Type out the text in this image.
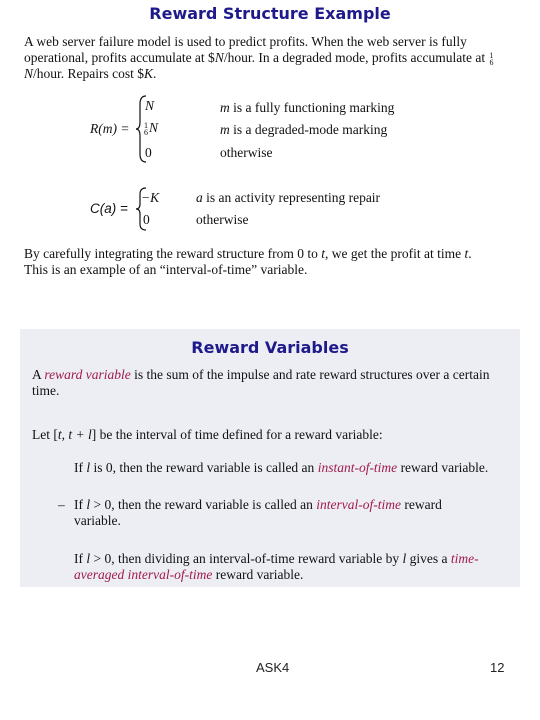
Reward Structure Example
A web server failure model is used to predict profits. When the web server is fully operational, profits accumulate at $N/hour. In a degraded mode, profits accumulate at 1
6
N/hour. Repairs cost $K.
R(m) =
N	m is a fully functioning marking
1
6 N	m is a degraded-mode marking
0	otherwise
C(a) =
−K	a is an activity representing repair
0	otherwise
By carefully integrating the reward structure from 0 to t, we get the profit at time t.
This is an example of an “interval-of-time” variable.
Reward Variables
A reward variable is the sum of the impulse and rate reward structures over a certain time.
Let [t, t + l] be the interval of time defined for a reward variable:
If l is 0, then the reward variable is called an instant-of-time reward variable.
– If l > 0, then the reward variable is called an interval-of-time reward variable.
If l > 0, then dividing an interval-of-time reward variable by l gives a time-averaged interval-of-time reward variable.
ASK4	12
